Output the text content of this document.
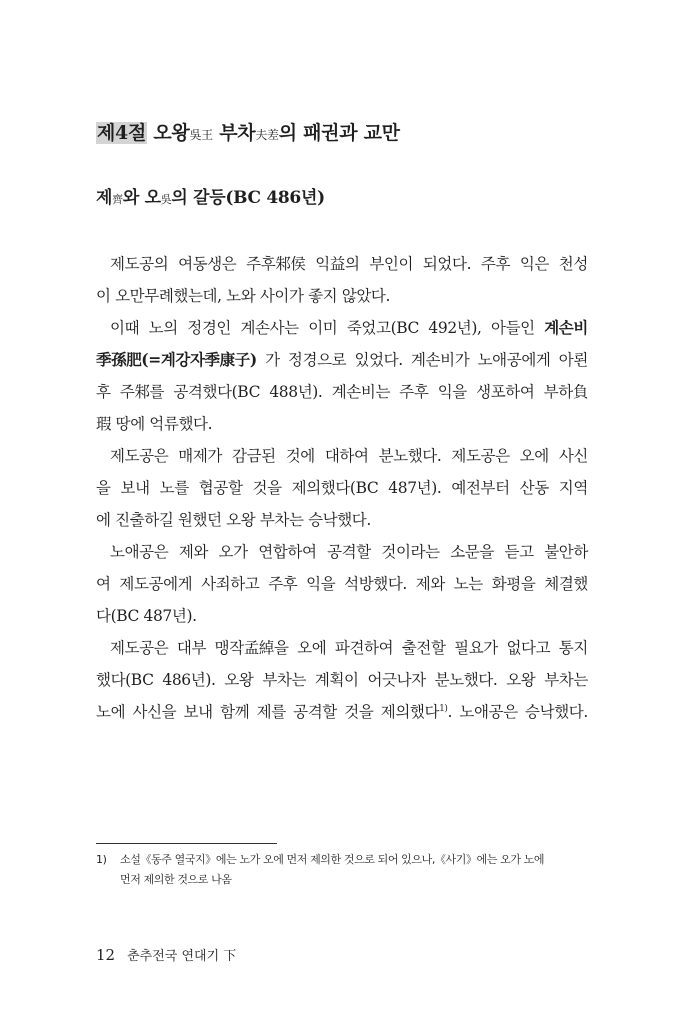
제4절 오왕吳王 부차夫差의 패권과 교만
제齊와 오吳의 갈등(BC 486년)
제도공의 여동생은 주후邾侯 익益의 부인이 되었다. 주후 익은 천성
이 오만무례했는데, 노와 사이가 좋지 않았다.
이때 노의 정경인 계손사는 이미 죽었고(BC 492년), 아들인 계손비
季孫肥(=계강자季康子) 가 정경으로 있었다. 계손비가 노애공에게 아뢴
후 주邾를 공격했다(BC 488년). 계손비는 주후 익을 생포하여 부하負
瑕 땅에 억류했다.
제도공은 매제가 감금된 것에 대하여 분노했다. 제도공은 오에 사신
을 보내 노를 협공할 것을 제의했다(BC 487년). 예전부터 산동 지역
에 진출하길 원했던 오왕 부차는 승낙했다.
노애공은 제와 오가 연합하여 공격할 것이라는 소문을 듣고 불안하
여 제도공에게 사죄하고 주후 익을 석방했다. 제와 노는 화평을 체결했
다(BC 487년).
제도공은 대부 맹작孟綽을 오에 파견하여 출전할 필요가 없다고 통지
했다(BC 486년). 오왕 부차는 계획이 어긋나자 분노했다. 오왕 부차는
노에 사신을 보내 함께 제를 공격할 것을 제의했다$^{1)}$. 노애공은 승낙했다.
1)	소설《동주 열국지》에는 노가 오에 먼저 제의한 것으로 되어 있으나,《사기》에는 오가 노에
먼저 제의한 것으로 나옴
12 춘추전국 연대기 下
